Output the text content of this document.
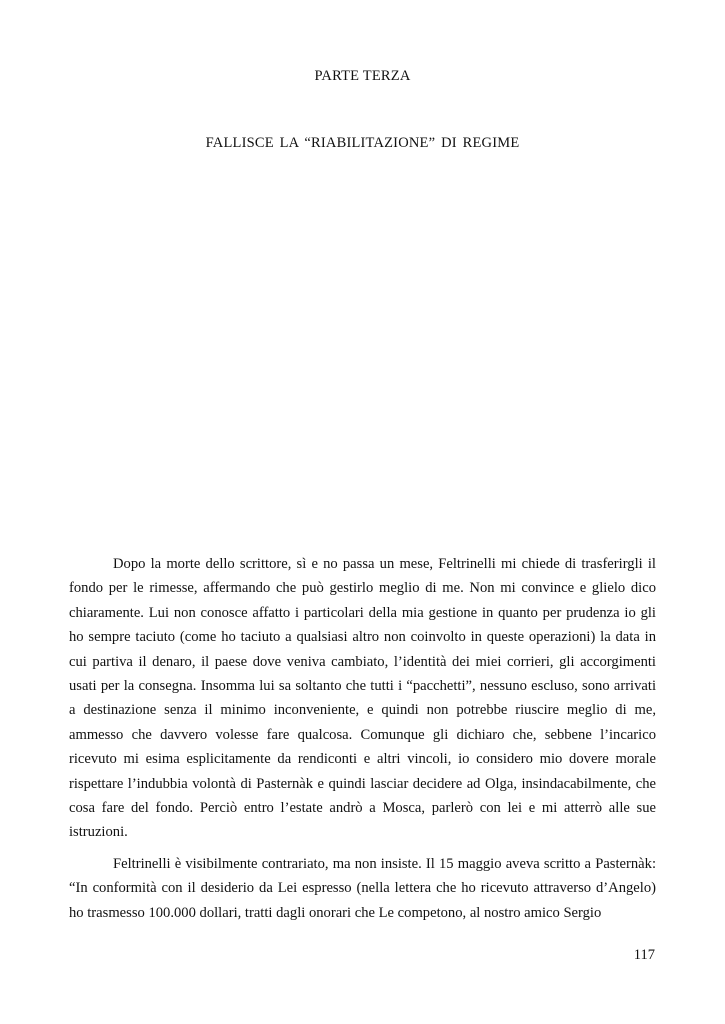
PARTE TERZA
FALLISCE LA “RIABILITAZIONE” DI REGIME

Dopo la morte dello scrittore, sì e no passa un mese, Feltrinelli mi chiede di trasferirgli il fondo per le rimesse, affermando che può gestirlo meglio di me. Non mi convince e glielo dico chiaramente. Lui non conosce affatto i particolari della mia gestione in quanto per prudenza io gli ho sempre taciuto (come ho taciuto a qualsiasi altro non coinvolto in queste operazioni) la data in cui partiva il denaro, il paese dove veniva cambiato, l’identità dei miei corrieri, gli accorgimenti usati per la consegna. Insomma lui sa soltanto che tutti i “pacchetti”, nessuno escluso, sono arrivati a destinazione senza il minimo inconveniente, e quindi non potrebbe riuscire meglio di me, ammesso che davvero volesse fare qualcosa. Comunque gli dichiaro che, sebbene l’incarico ricevuto mi esima esplicitamente da rendiconti e altri vincoli, io considero mio dovere morale rispettare l’indubbia volontà di Pasternàk e quindi lasciar decidere ad Olga, insindacabilmente, che cosa fare del fondo. Perciò entro l’estate andrò a Mosca, parlerò con lei e mi atterrò alle sue istruzioni.

Feltrinelli è visibilmente contrariato, ma non insiste. Il 15 maggio aveva scritto a Pasternàk: “In conformità con il desiderio da Lei espresso (nella lettera che ho ricevuto attraverso d’Angelo) ho trasmesso 100.000 dollari, tratti dagli onorari che Le competono, al nostro amico Sergio

117
